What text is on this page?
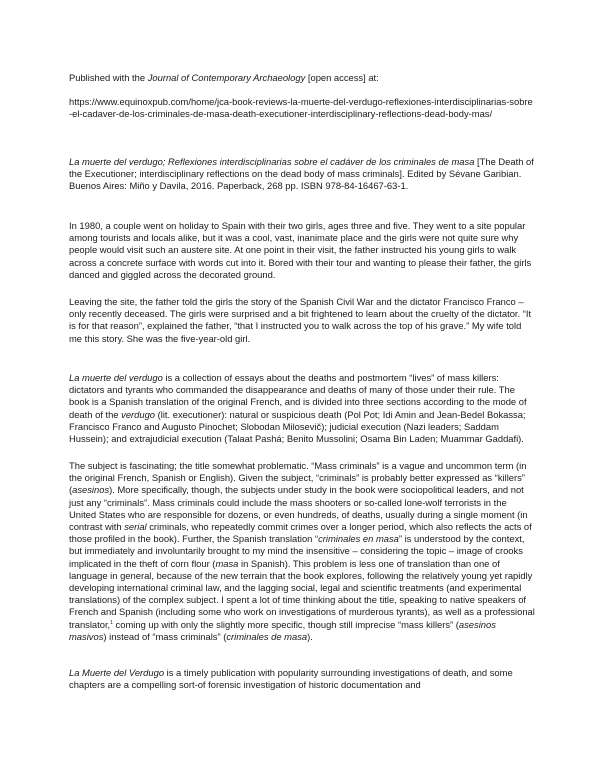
Published with the Journal of Contemporary Archaeology [open access] at:

https://www.equinoxpub.com/home/jca-book-reviews-la-muerte-del-verdugo-reflexiones-interdisciplinarias-sobre-el-cadaver-de-los-criminales-de-masa-death-executioner-interdisciplinary-reflections-dead-body-mas/

La muerte del verdugo; Reflexiones interdisciplinarias sobre el cadáver de los criminales de masa [The Death of the Executioner; interdisciplinary reflections on the dead body of mass criminals]. Edited by Sévane Garibian. Buenos Aires: Miño y Davila, 2016. Paperback, 268 pp. ISBN 978-84-16467-63-1.

In 1980, a couple went on holiday to Spain with their two girls, ages three and five. They went to a site popular among tourists and locals alike, but it was a cool, vast, inanimate place and the girls were not quite sure why people would visit such an austere site. At one point in their visit, the father instructed his young girls to walk across a concrete surface with words cut into it. Bored with their tour and wanting to please their father, the girls danced and giggled across the decorated ground.

Leaving the site, the father told the girls the story of the Spanish Civil War and the dictator Francisco Franco – only recently deceased. The girls were surprised and a bit frightened to learn about the cruelty of the dictator. “It is for that reason”, explained the father, “that I instructed you to walk across the top of his grave.” My wife told me this story. She was the five-year-old girl.

La muerte del verdugo is a collection of essays about the deaths and postmortem “lives” of mass killers: dictators and tyrants who commanded the disappearance and deaths of many of those under their rule. The book is a Spanish translation of the original French, and is divided into three sections according to the mode of death of the verdugo (lit. executioner): natural or suspicious death (Pol Pot; Idi Amin and Jean-Bedel Bokassa; Francisco Franco and Augusto Pinochet; Slobodan Milosevič); judicial execution (Nazi leaders; Saddam Hussein); and extrajudicial execution (Talaat Pashá; Benito Mussolini; Osama Bin Laden; Muammar Gaddafi).

The subject is fascinating; the title somewhat problematic. “Mass criminals” is a vague and uncommon term (in the original French, Spanish or English). Given the subject, “criminals” is probably better expressed as “killers” (asesinos). More specifically, though, the subjects under study in the book were sociopolitical leaders, and not just any “criminals”. Mass criminals could include the mass shooters or so-called lone-wolf terrorists in the United States who are responsible for dozens, or even hundreds, of deaths, usually during a single moment (in contrast with serial criminals, who repeatedly commit crimes over a longer period, which also reflects the acts of those profiled in the book). Further, the Spanish translation “criminales en masa” is understood by the context, but immediately and involuntarily brought to my mind the insensitive – considering the topic – image of crooks implicated in the theft of corn flour (masa in Spanish). This problem is less one of translation than one of language in general, because of the new terrain that the book explores, following the relatively young yet rapidly developing international criminal law, and the lagging social, legal and scientific treatments (and experimental translations) of the complex subject. I spent a lot of time thinking about the title, speaking to native speakers of French and Spanish (including some who work on investigations of murderous tyrants), as well as a professional translator,$^1$ coming up with only the slightly more specific, though still imprecise “mass killers” (asesinos masivos) instead of “mass criminals” (criminales de masa).

La Muerte del Verdugo is a timely publication with popularity surrounding investigations of death, and some chapters are a compelling sort-of forensic investigation of historic documentation and
